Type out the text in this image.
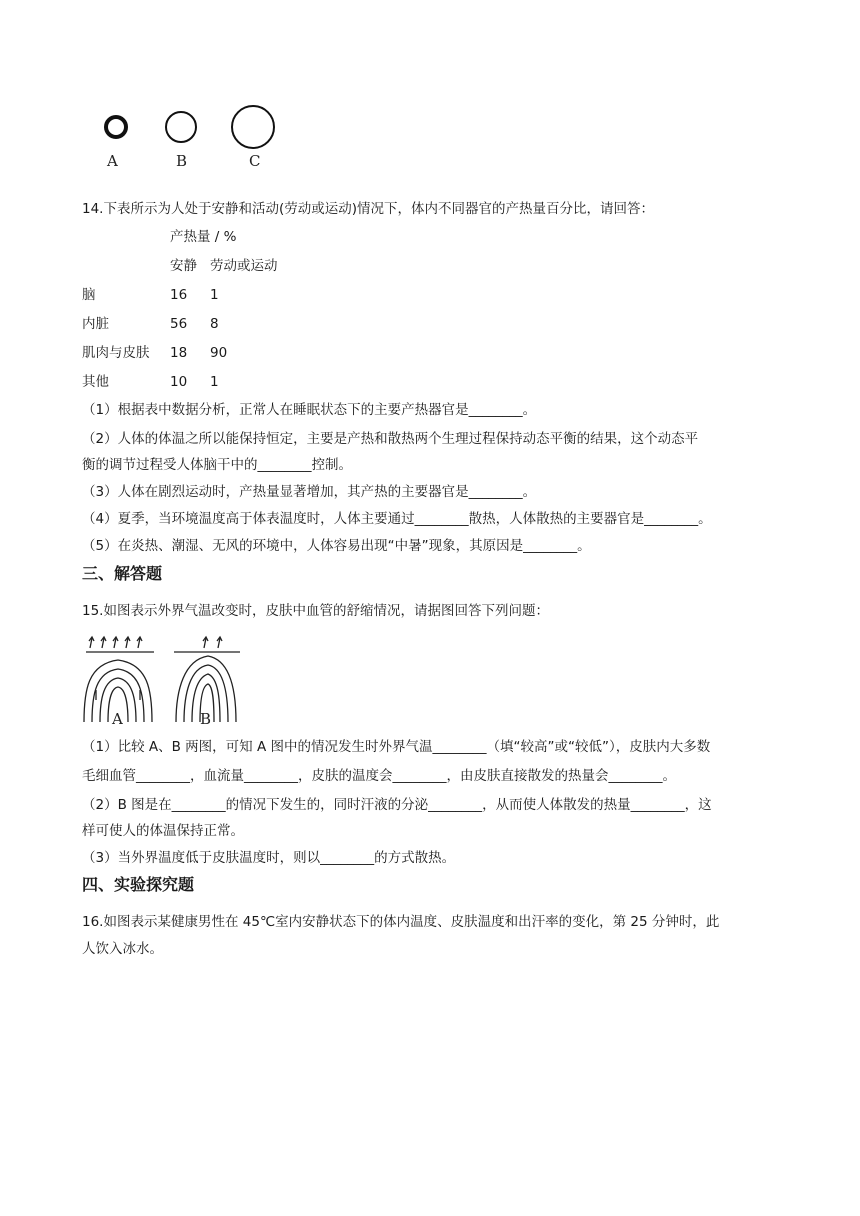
A	B	C
14.下表所示为人处于安静和活动(劳动或运动)情况下，体内不同器官的产热量百分比，请回答：
产热量 / %
安静 劳动或运动
脑	16 1
内脏	56 8
肌肉与皮肤 18 90
其他	10 1
（1）根据表中数据分析，正常人在睡眠状态下的主要产热器官是________。
（2）人体的体温之所以能保持恒定，主要是产热和散热两个生理过程保持动态平衡的结果，这个动态平
衡的调节过程受人体脑干中的________控制。
（3）人体在剧烈运动时，产热量显著增加，其产热的主要器官是________。
（4）夏季，当环境温度高于体表温度时，人体主要通过________散热，人体散热的主要器官是________。
（5）在炎热、潮湿、无风的环境中，人体容易出现“中暑”现象，其原因是________。
三、解答题
15.如图表示外界气温改变时，皮肤中血管的舒缩情况，请据图回答下列问题：
A	B
（1）比较 A、B 两图，可知 A 图中的情况发生时外界气温________（填“较高”或“较低”），皮肤内大多数
毛细血管________，血流量________，皮肤的温度会________，由皮肤直接散发的热量会________。
（2）B 图是在________的情况下发生的，同时汗液的分泌________，从而使人体散发的热量________，这
样可使人的体温保持正常。
（3）当外界温度低于皮肤温度时，则以________的方式散热。
四、实验探究题
16.如图表示某健康男性在 45℃室内安静状态下的体内温度、皮肤温度和出汗率的变化，第 25 分钟时，此
人饮入冰水。
